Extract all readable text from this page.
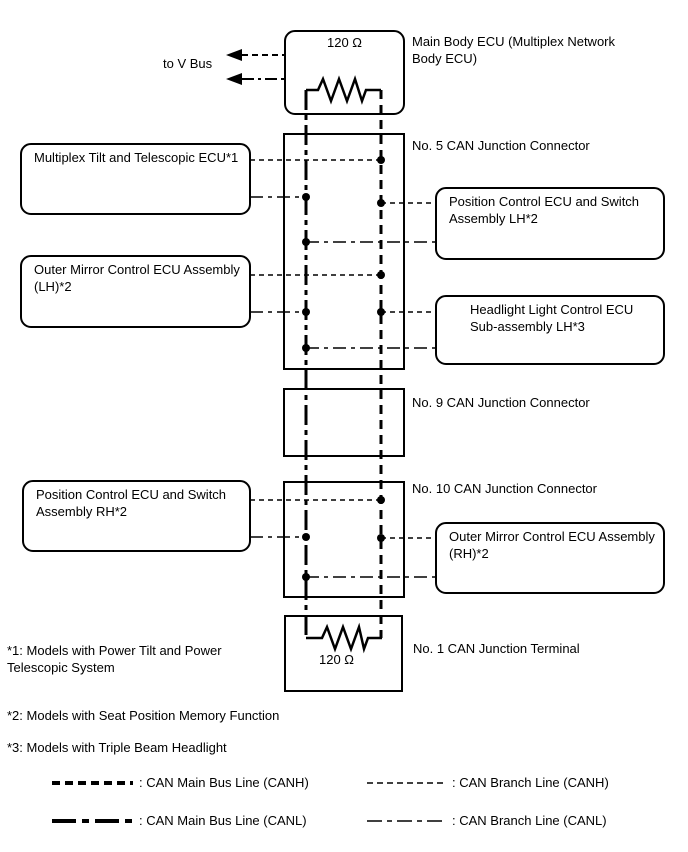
Multiplex Tilt and Telescopic ECU*1
Outer Mirror Control ECU Assembly (LH)*2
Position Control ECU and Switch Assembly RH*2
Position Control ECU and Switch Assembly LH*2
Headlight Light Control ECU Sub-assembly LH*3
Outer Mirror Control ECU Assembly (RH)*2
120 Ω	Main Body ECU (Multiplex Network Body ECU)
to V Bus
No. 5 CAN Junction Connector
No. 9 CAN Junction Connector
No. 10 CAN Junction Connector
No. 1 CAN Junction Terminal
120 Ω
*1: Models with Power Tilt and Power Telescopic System
*2: Models with Seat Position Memory Function
*3: Models with Triple Beam Headlight
: CAN Main Bus Line (CANH)
: CAN Main Bus Line (CANL)
: CAN Branch Line (CANH)
: CAN Branch Line (CANL)
